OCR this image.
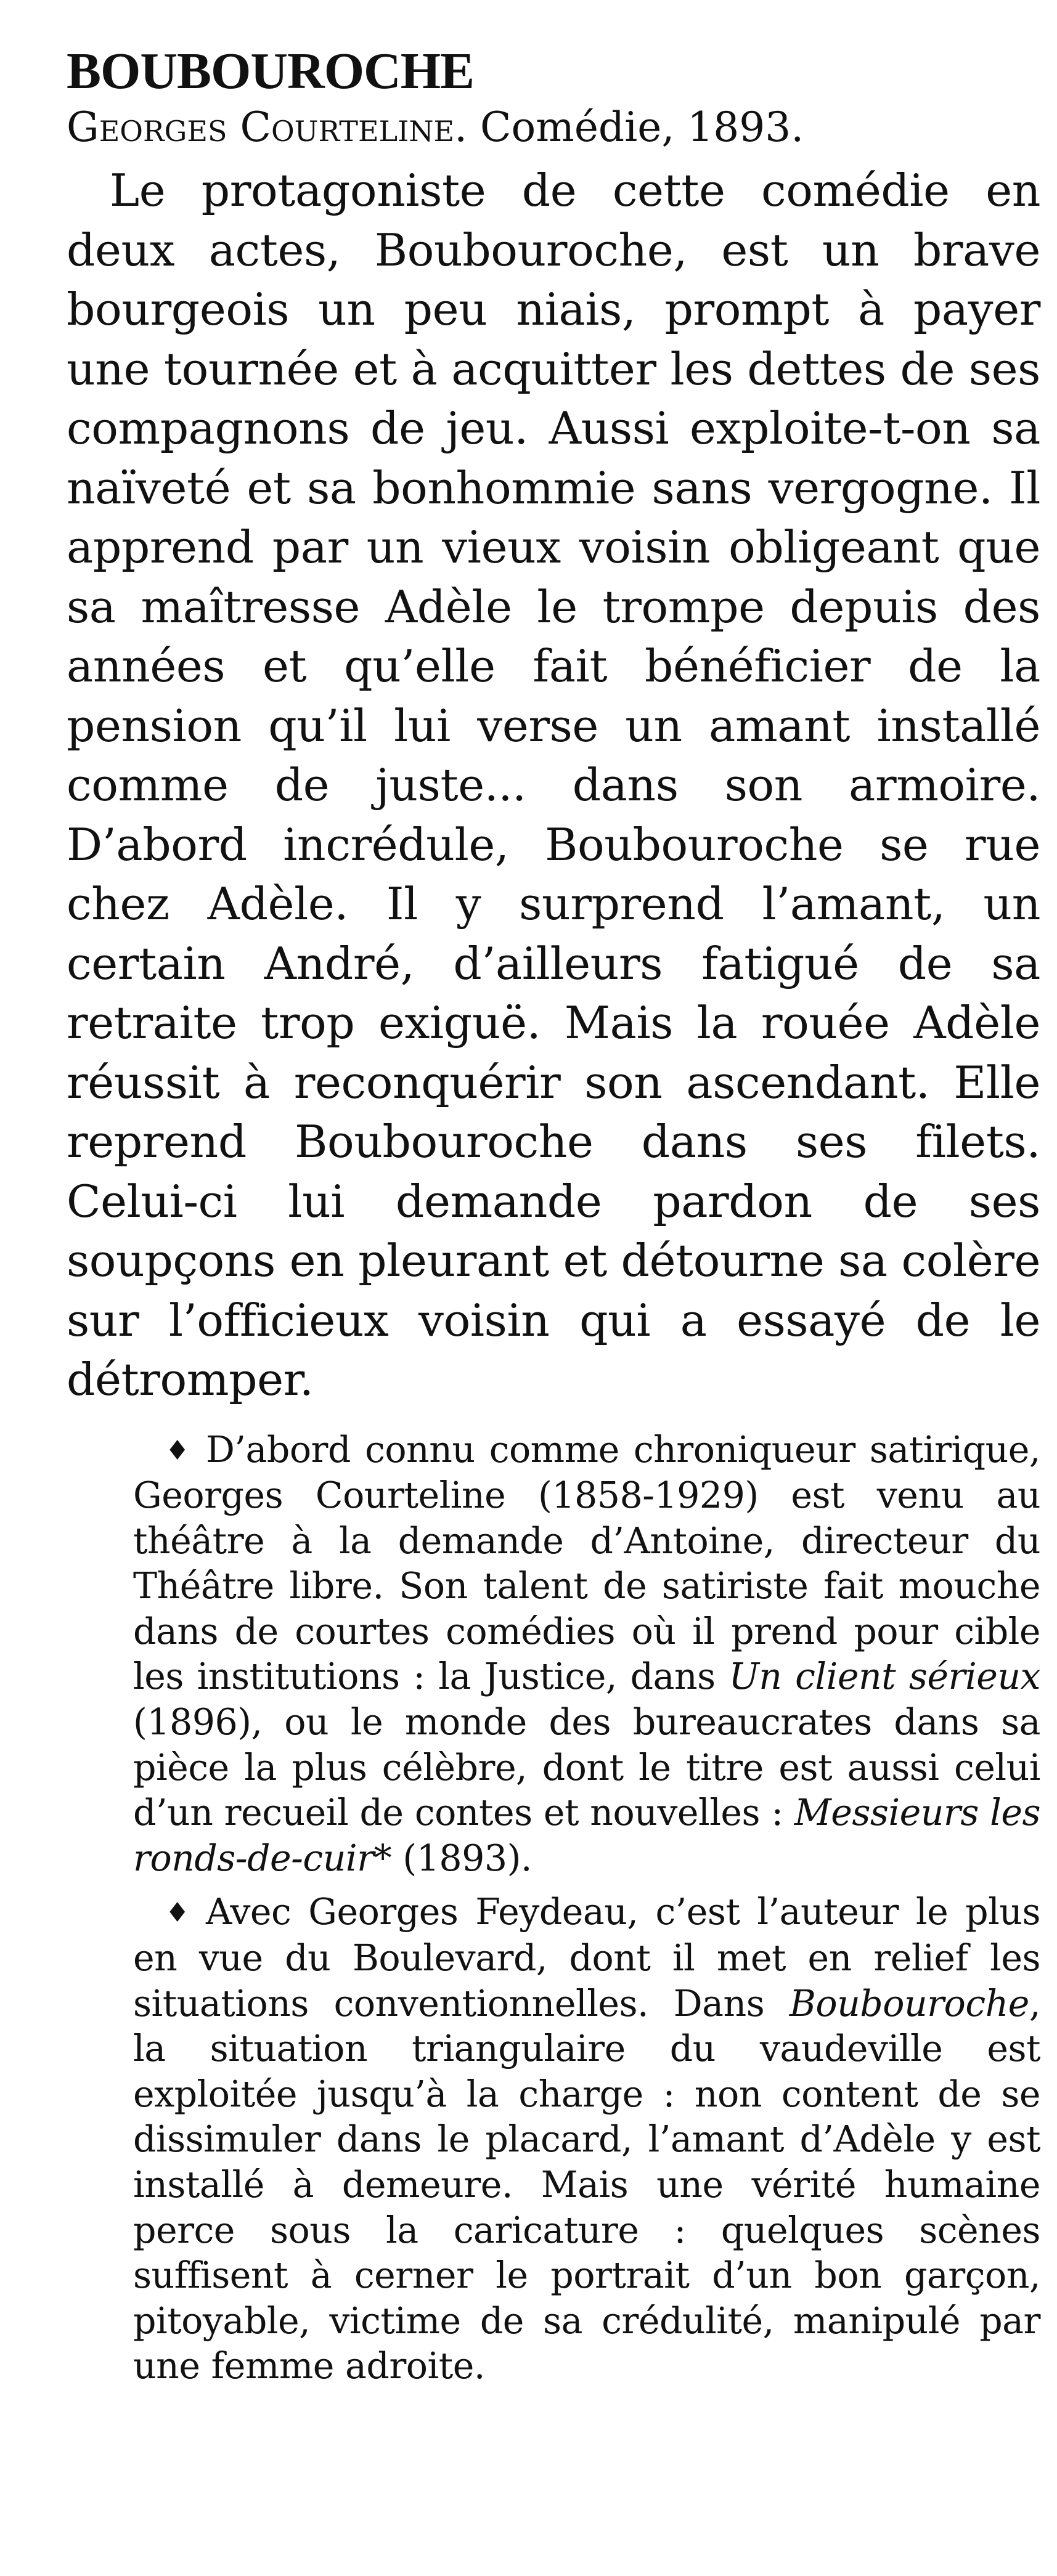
BOUBOUROCHE

Georges Courteline. Comédie, 1893.

Le protagoniste de cette comédie en deux actes, Boubouroche, est un brave bourgeois un peu niais, prompt à payer une tournée et à acquitter les dettes de ses compagnons de jeu. Aussi exploite-t-on sa naïveté et sa bonhommie sans vergogne. Il apprend par un vieux voisin obligeant que sa maîtresse Adèle le trompe depuis des années et qu’elle fait bénéficier de la pension qu’il lui verse un amant installé comme de juste... dans son armoire. D’abord incrédule, Boubouroche se rue chez Adèle. Il y surprend l’amant, un certain André, d’ailleurs fatigué de sa retraite trop exiguë. Mais la rouée Adèle réussit à reconquérir son ascendant. Elle reprend Boubouroche dans ses filets. Celui-ci lui demande pardon de ses soupçons en pleurant et détourne sa colère sur l’officieux voisin qui a essayé de le détromper.

♦ D’abord connu comme chroniqueur satirique, Georges Courteline (1858-1929) est venu au théâtre à la demande d’Antoine, directeur du Théâtre libre. Son talent de satiriste fait mouche dans de courtes comédies où il prend pour cible les institutions : la Justice, dans Un client sérieux (1896), ou le monde des bureaucrates dans sa pièce la plus célèbre, dont le titre est aussi celui d’un recueil de contes et nouvelles : Messieurs les ronds-de-cuir* (1893).

♦ Avec Georges Feydeau, c’est l’auteur le plus en vue du Boulevard, dont il met en relief les situations conventionnelles. Dans Boubouroche, la situation triangulaire du vaudeville est exploitée jusqu’à la charge : non content de se dissimuler dans le placard, l’amant d’Adèle y est installé à demeure. Mais une vérité humaine perce sous la caricature : quelques scènes suffisent à cerner le portrait d’un bon garçon, pitoyable, victime de sa crédulité, manipulé par une femme adroite.
